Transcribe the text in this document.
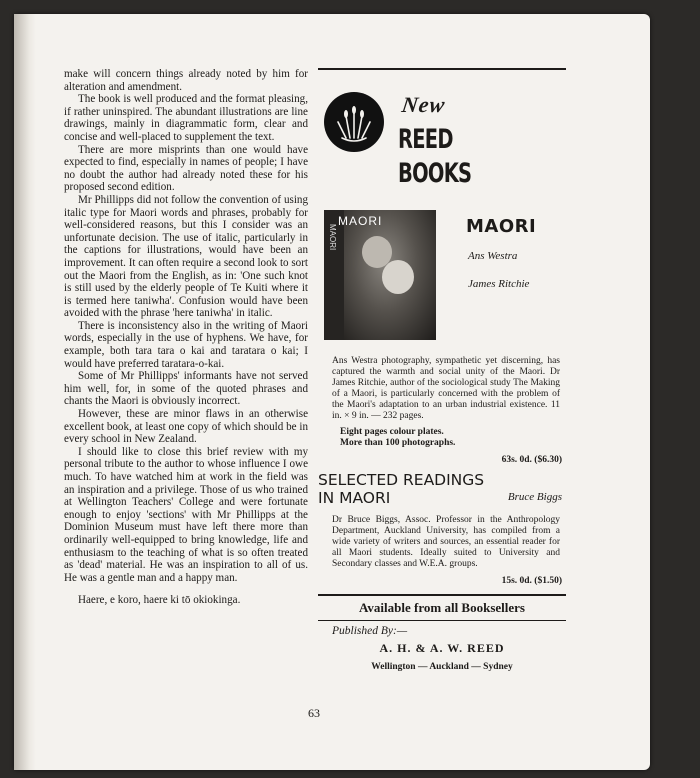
make will concern things already noted by him for alteration and amendment.

The book is well produced and the format pleasing, if rather uninspired. The abundant illustrations are line drawings, mainly in diagrammatic form, clear and concise and well-placed to supplement the text.

There are more misprints than one would have expected to find, especially in names of people; I have no doubt the author had already noted these for his proposed second edition.

Mr Phillipps did not follow the convention of using italic type for Maori words and phrases, probably for well-considered reasons, but this I consider was an unfortunate decision. The use of italic, particularly in the captions for illustrations, would have been an improvement. It can often require a second look to sort out the Maori from the English, as in: 'One such knot is still used by the elderly people of Te Kuiti where it is termed here taniwha'. Confusion would have been avoided with the phrase 'here taniwha' in italic.

There is inconsistency also in the writing of Maori words, especially in the use of hyphens. We have, for example, both tara tara o kai and taratara o kai; I would have preferred taratara-o-kai.

Some of Mr Phillipps' informants have not served him well, for, in some of the quoted phrases and chants the Maori is obviously incorrect.

However, these are minor flaws in an otherwise excellent book, at least one copy of which should be in every school in New Zealand.

I should like to close this brief review with my personal tribute to the author to whose influence I owe much. To have watched him at work in the field was an inspiration and a privilege. Those of us who trained at Wellington Teachers' College and were fortunate enough to enjoy 'sections' with Mr Phillipps at the Dominion Museum must have left there more than ordinarily well-equipped to bring knowledge, life and enthusiasm to the teaching of what is so often treated as 'dead' material. He was an inspiration to all of us. He was a gentle man and a happy man.

Haere, e koro, haere ki tō okiokinga.

New
REED
BOOKS
MAORI
MAORI	MAORI
Ans Westra
James Ritchie
Ans Westra photography, sympathetic yet discerning, has captured the warmth and social unity of the Maori. Dr James Ritchie, author of the sociological study The Making of a Maori, is particularly concerned with the problem of the Maori's adaptation to an urban industrial existence. 11 in. × 9 in. — 232 pages.
Eight pages colour plates.
More than 100 photographs.
63s. 0d. ($6.30)
SELECTED READINGS
IN MAORI	Bruce Biggs
Dr Bruce Biggs, Assoc. Professor in the Anthropology Department, Auckland University, has compiled from a wide variety of writers and sources, an essential reader for all Maori students. Ideally suited to University and Secondary classes and W.E.A. groups.
15s. 0d. ($1.50)
Available from all Booksellers
Published By:—
A. H. & A. W. REED
Wellington — Auckland — Sydney
63
